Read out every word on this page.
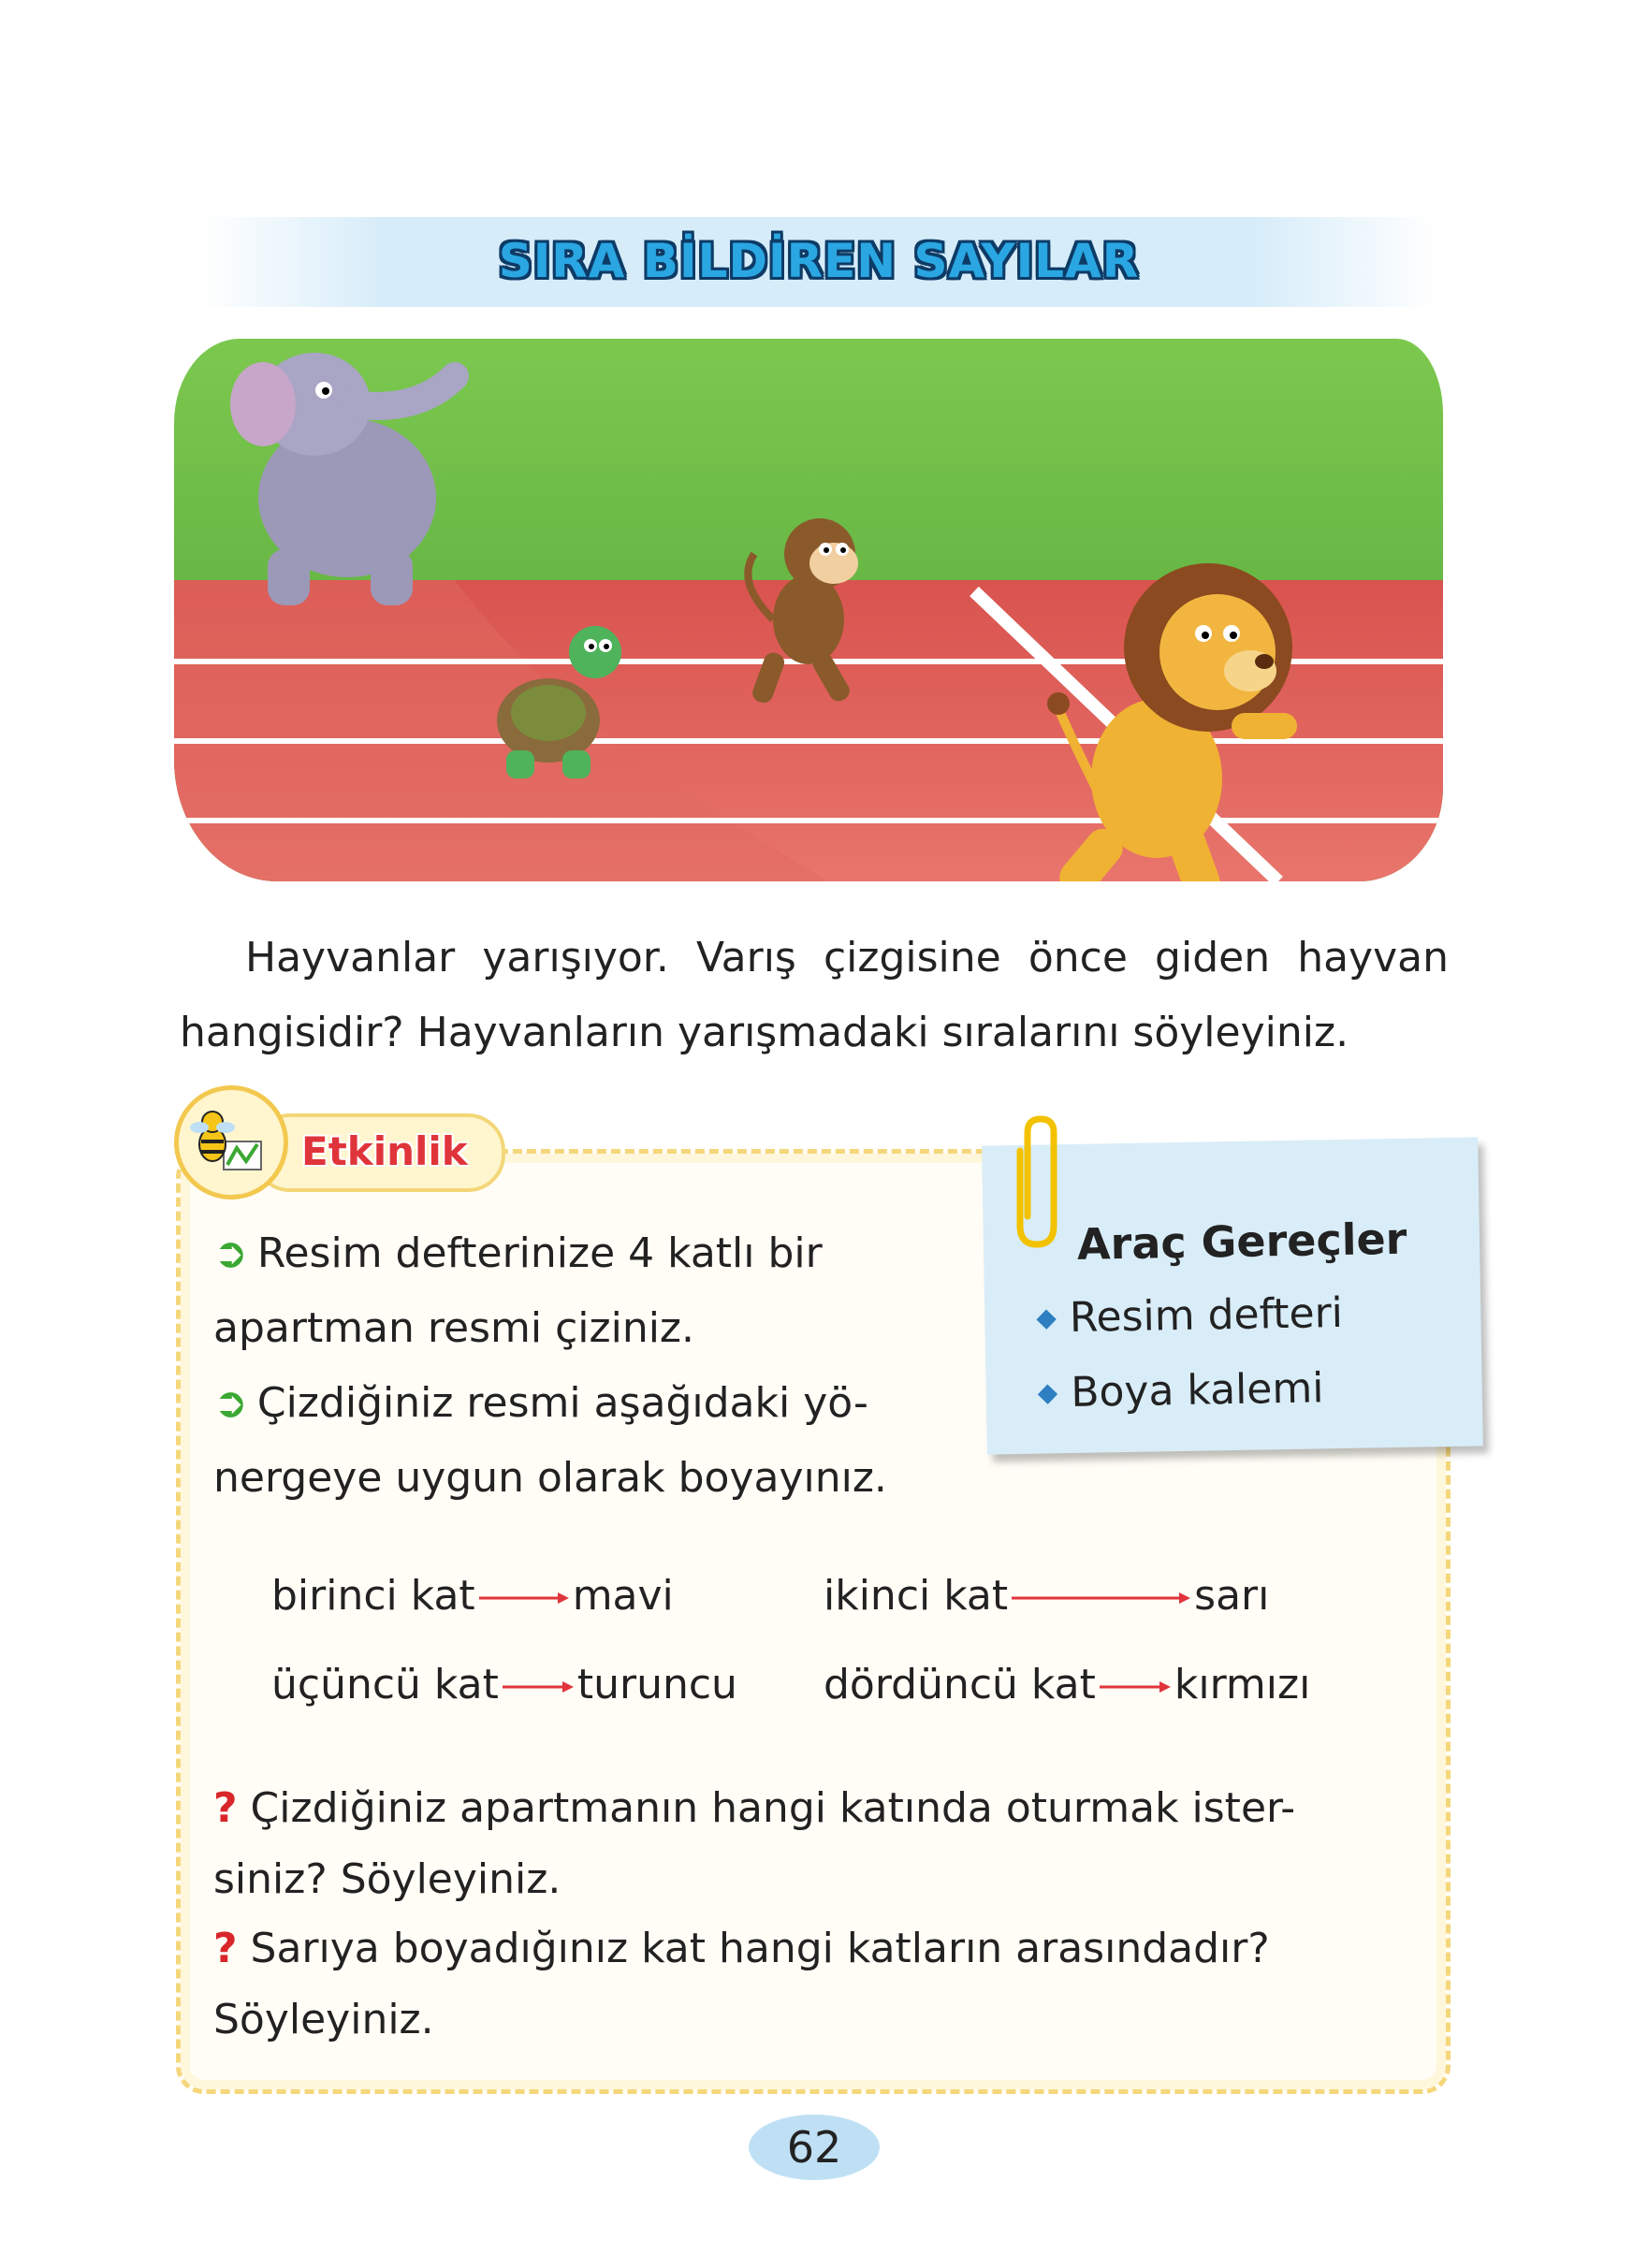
SIRA BİLDİREN SAYILAR
Hayvanlar yarışıyor. Varış çizgisine önce giden hayvan
hangisidir? Hayvanların yarışmadaki sıralarını söyleyiniz.
Etkinlik
Araç Gereçler
◆ Resim defteri
◆ Boya kalemi
➲ Resim defterinize 4 katlı bir
apartman resmi çiziniz.
➲ Çizdiğiniz resmi aşağıdaki yö-
nergeye uygun olarak boyayınız.
birinci kat mavi	ikinci kat	sarı
üçüncü kat turuncu dördüncü kat kırmızı
? Çizdiğiniz apartmanın hangi katında oturmak ister-
siniz? Söyleyiniz.
? Sarıya boyadığınız kat hangi katların arasındadır?
Söyleyiniz.
62
